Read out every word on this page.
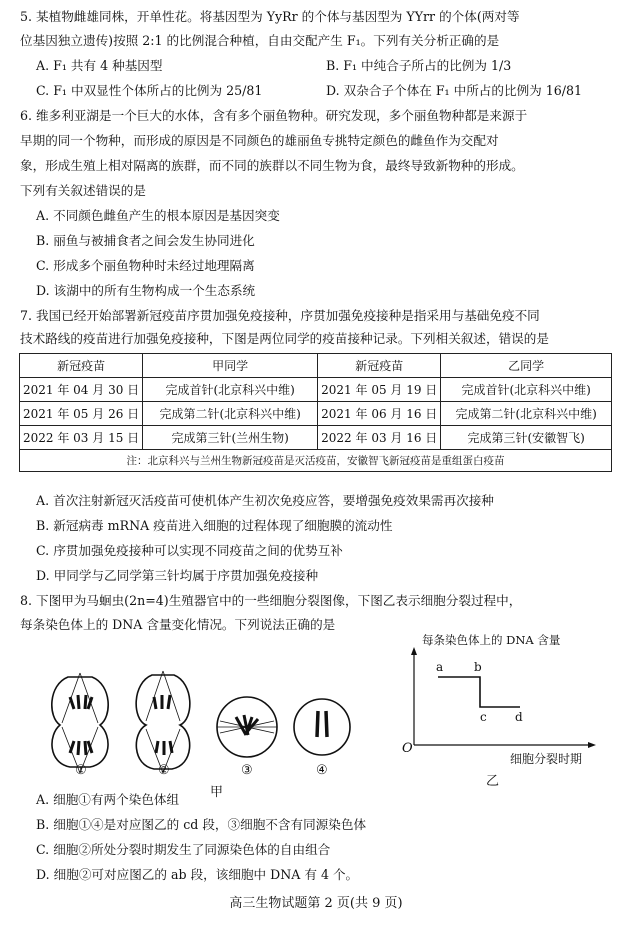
5. 某植物雌雄同株，开单性花。将基因型为 YyRr 的个体与基因型为 YYrr 的个体(两对等
位基因独立遗传)按照 2:1 的比例混合种植，自由交配产生 F₁。下列有关分析正确的是
A. F₁ 共有 4 种基因型	B. F₁ 中纯合子所占的比例为 1/3
C. F₁ 中双显性个体所占的比例为 25/81	D. 双杂合子个体在 F₁ 中所占的比例为 16/81
6. 维多利亚湖是一个巨大的水体，含有多个丽鱼物种。研究发现，多个丽鱼物种都是来源于
早期的同一个物种，而形成的原因是不同颜色的雄丽鱼专挑特定颜色的雌鱼作为交配对
象，形成生殖上相对隔离的族群，而不同的族群以不同生物为食，最终导致新物种的形成。
下列有关叙述错误的是
A. 不同颜色雌鱼产生的根本原因是基因突变
B. 丽鱼与被捕食者之间会发生协同进化
C. 形成多个丽鱼物种时未经过地理隔离
D. 该湖中的所有生物构成一个生态系统
7. 我国已经开始部署新冠疫苗序贯加强免疫接种，序贯加强免疫接种是指采用与基础免疫不同
技术路线的疫苗进行加强免疫接种，下图是两位同学的疫苗接种记录。下列相关叙述，错误的是
新冠疫苗	甲同学	新冠疫苗	乙同学
2021 年 04 月 30 日	完成首针(北京科兴中维)	2021 年 05 月 19 日	完成首针(北京科兴中维)
2021 年 05 月 26 日	完成第二针(北京科兴中维)	2021 年 06 月 16 日	完成第二针(北京科兴中维)
2022 年 03 月 15 日	完成第三针(兰州生物)	2022 年 03 月 16 日	完成第三针(安徽智飞)
注：北京科兴与兰州生物新冠疫苗是灭活疫苗，安徽智飞新冠疫苗是重组蛋白疫苗			
A. 首次注射新冠灭活疫苗可使机体产生初次免疫应答，要增强免疫效果需再次接种
B. 新冠病毒 mRNA 疫苗进入细胞的过程体现了细胞膜的流动性
C. 序贯加强免疫接种可以实现不同疫苗之间的优势互补
D. 甲同学与乙同学第三针均属于序贯加强免疫接种
8. 下图甲为马蛔虫(2n=4)生殖器官中的一些细胞分裂图像，下图乙表示细胞分裂过程中，
每条染色体上的 DNA 含量变化情况。下列说法正确的是
①	②	③	④
甲
每条染色体上的 DNA 含量
a	b
c d
O
细胞分裂时期
乙
A. 细胞①有两个染色体组
B. 细胞①④是对应图乙的 cd 段，③细胞不含有同源染色体
C. 细胞②所处分裂时期发生了同源染色体的自由组合
D. 细胞②可对应图乙的 ab 段，该细胞中 DNA 有 4 个。
高三生物试题第 2 页(共 9 页)
